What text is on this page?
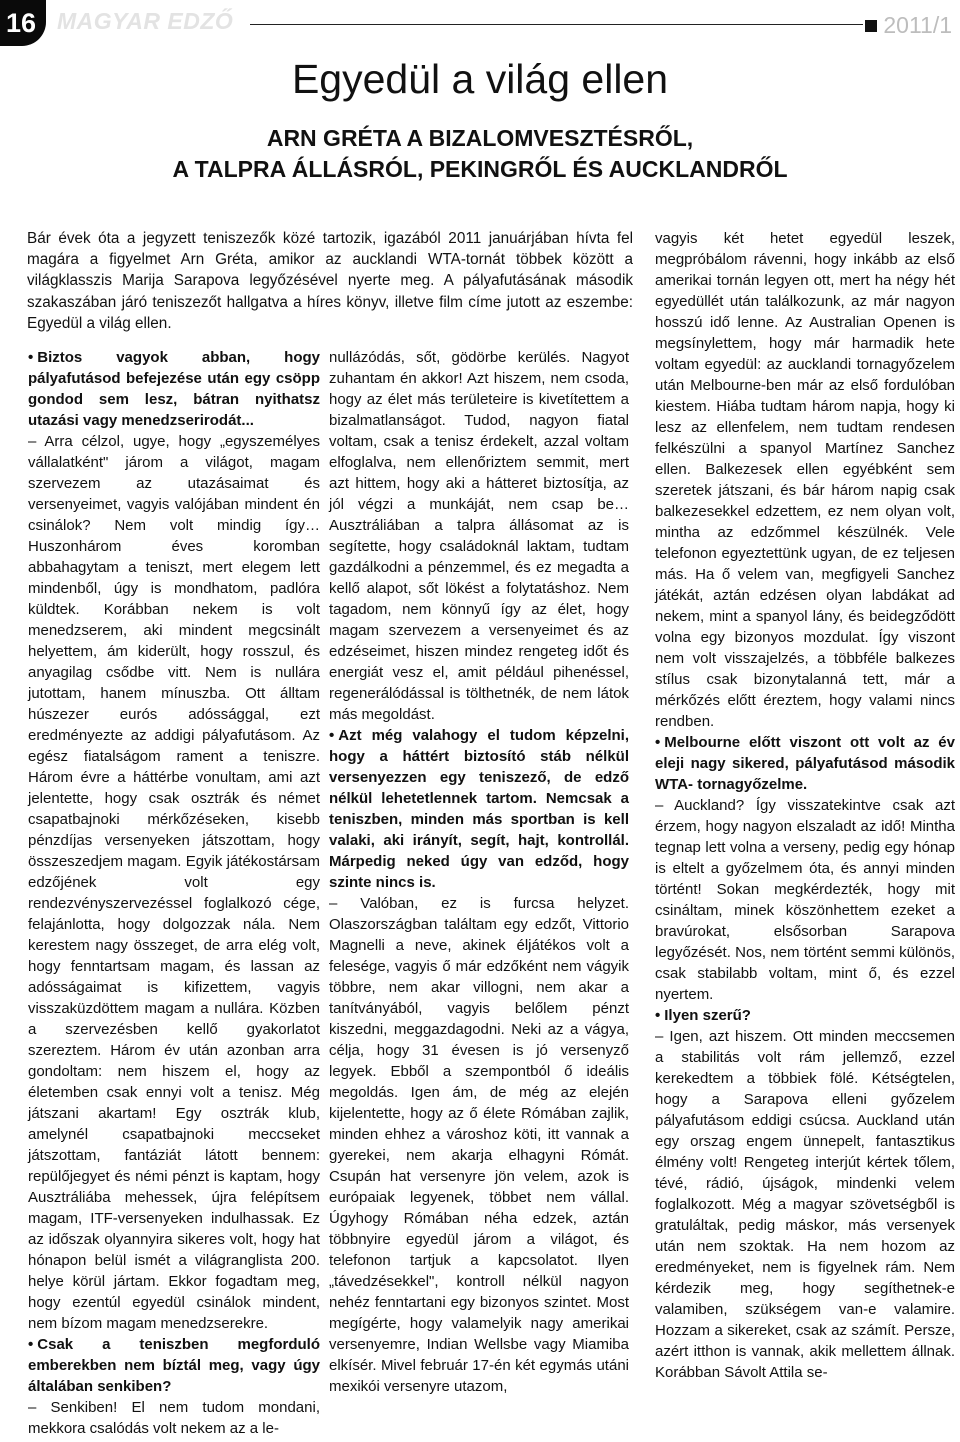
16 MAGYAR EDZŐ	2011/1
Egyedül a világ ellen
ARN GRÉTA A BIZALOMVESZTÉSRŐL,
A TALPRA ÁLLÁSRÓL, PEKINGRŐL ÉS AUCKLANDRŐL

Bár évek óta a jegyzett teniszezők közé tartozik, igazából 2011 januárjában hívta fel magára a figyelmet Arn Gréta, amikor az aucklandi WTA-tornát többek között a világklasszis Marija Sarapova legyőzésével nyerte meg. A pályafutásának második szakaszában járó teniszezőt hallgatva a híres könyv, illetve film címe jutott az eszembe: Egyedül a világ ellen.

• Biztos vagyok abban, hogy pályafutásod befejezése után egy csöpp gondod sem lesz, bátran nyithatsz utazási vagy menedzserirodát...

– Arra célzol, ugye, hogy „egyszemélyes vállalatként" járom a világot, magam szervezem az utazásaimat és versenyeimet, vagyis valójában mindent én csinálok? Nem volt mindig így… Huszonhárom éves koromban abbahagytam a teniszt, mert elegem lett mindenből, úgy is mondhatom, padlóra küldtek. Korábban nekem is volt menedzserem, aki mindent megcsinált helyettem, ám kiderült, hogy rosszul, és anyagilag csődbe vitt. Nem is nullára jutottam, hanem mínuszba. Ott álltam húszezer eurós adóssággal, ezt eredményezte az addigi pályafutásom. Az egész fiatalságom rament a teniszre. Három évre a háttérbe vonultam, ami azt jelentette, hogy csak osztrák és német csapatbajnoki mérkőzéseken, kisebb pénzdíjas versenyeken játszottam, hogy összeszedjem magam. Egyik játékostársam edzőjének volt egy rendezvényszervezéssel foglalkozó cége, felajánlotta, hogy dolgozzak nála. Nem kerestem nagy összeget, de arra elég volt, hogy fenntartsam magam, és lassan az adósságaimat is kifizettem, vagyis visszaküzdöttem magam a nullára. Közben a szervezésben kellő gyakorlatot szereztem. Három év után azonban arra gondoltam: nem hiszem el, hogy az életemben csak ennyi volt a tenisz. Még játszani akartam! Egy osztrák klub, amelynél csapatbajnoki meccseket játszottam, fantáziát látott bennem: repülőjegyet és némi pénzt is kaptam, hogy Ausztráliába mehessek, újra felépítsem magam, ITF-versenyeken indulhassak. Ez az időszak olyannyira sikeres volt, hogy hat hónapon belül ismét a világranglista 200. helye körül jártam. Ekkor fogadtam meg, hogy ezentúl egyedül csinálok mindent, nem bízom magam menedzserekre.

• Csak a teniszben megforduló emberekben nem bíztál meg, vagy úgy általában senkiben?

– Senkiben! El nem tudom mondani, mekkora csalódás volt nekem az a le-

nullázódás, sőt, gödörbe kerülés. Nagyot zuhantam én akkor! Azt hiszem, nem csoda, hogy az élet más területeire is kivetítettem a bizalmatlanságot. Tudod, nagyon fiatal voltam, csak a tenisz érdekelt, azzal voltam elfoglalva, nem ellenőriztem semmit, mert azt hittem, hogy aki a hátteret biztosítja, az jól végzi a munkáját, nem csap be… Ausztráliában a talpra állásomat az is segítette, hogy családoknál laktam, tudtam gazdálkodni a pénzemmel, és ez megadta a kellő alapot, sőt lökést a folytatáshoz. Nem tagadom, nem könnyű így az élet, hogy magam szervezem a versenyeimet és az edzéseimet, hiszen mindez rengeteg időt és energiát vesz el, amit például pihenéssel, regenerálódással is tölthetnék, de nem látok más megoldást.

• Azt még valahogy el tudom képzelni, hogy a háttért biztosító stáb nélkül versenyezzen egy teniszező, de edző nélkül lehetetlennek tartom. Nemcsak a teniszben, minden más sportban is kell valaki, aki irányít, segít, hajt, kontrollál. Márpedig neked úgy van edződ, hogy szinte nincs is.

– Valóban, ez is furcsa helyzet. Olaszországban találtam egy edzőt, Vittorio Magnelli a neve, akinek éljátékos volt a felesége, vagyis ő már edzőként nem vágyik többre, nem akar villogni, nem akar a tanítványából, vagyis belőlem pénzt kiszedni, meggazdagodni. Neki az a vágya, célja, hogy 31 évesen is jó versenyző legyek. Ebből a szempontból ő ideális megoldás. Igen ám, de még az elején kijelentette, hogy az ő élete Rómában zajlik, minden ehhez a városhoz köti, itt vannak a gyerekei, nem akarja elhagyni Rómát. Csupán hat versenyre jön velem, azok is európaiak legyenek, többet nem vállal. Úgyhogy Rómában néha edzek, aztán többnyire egyedül járom a világot, és telefonon tartjuk a kapcsolatot. Ilyen „távedzésekkel", kontroll nélkül nagyon nehéz fenntartani egy bizonyos szintet. Most megígérte, hogy valamelyik nagy amerikai versenyemre, Indian Wellsbe vagy Miamiba elkísér. Mivel február 17-én két egymás utáni mexikói versenyre utazom,

vagyis két hetet egyedül leszek, megpróbálom rávenni, hogy inkább az első amerikai tornán legyen ott, mert ha négy hét egyedüllét után találkozunk, az már nagyon hosszú idő lenne. Az Australian Openen is megsínylettem, hogy már harmadik hete voltam egyedül: az aucklandi tornagyőzelem után Melbourne-ben már az első fordulóban kiestem. Hiába tudtam három napja, hogy ki lesz az ellenfelem, nem tudtam rendesen felkészülni a spanyol Martínez Sanchez ellen. Balkezesek ellen egyébként sem szeretek játszani, és bár három napig csak balkezesekkel edzettem, ez nem olyan volt, mintha az edzőmmel készülnék. Vele telefonon egyeztettünk ugyan, de ez teljesen más. Ha ő velem van, megfigyeli Sanchez játékát, aztán edzésen olyan labdákat ad nekem, mint a spanyol lány, és beidegződött volna egy bizonyos mozdulat. Így viszont nem volt visszajelzés, a többféle balkezes stílus csak bizonytalanná tett, már a mérkőzés előtt éreztem, hogy valami nincs rendben.

• Melbourne előtt viszont ott volt az év eleji nagy sikered, pályafutásod második WTA- tornagyőzelme.

– Auckland? Így visszatekintve csak azt érzem, hogy nagyon elszaladt az idő! Mintha tegnap lett volna a verseny, pedig egy hónap is eltelt a győzelmem óta, és annyi minden történt! Sokan megkérdezték, hogy mit csináltam, minek köszönhettem ezeket a bravúrokat, elsősorban Sarapova legyőzését. Nos, nem történt semmi különös, csak stabilabb voltam, mint ő, és ezzel nyertem.

• Ilyen szerű?

– Igen, azt hiszem. Ott minden meccsemen a stabilitás volt rám jellemző, ezzel kerekedtem a többiek fölé. Kétségtelen, hogy a Sarapova elleni győzelem pályafutásom eddigi csúcsa. Auckland után egy orszag engem ünnepelt, fantasztikus élmény volt! Rengeteg interjút kértek tőlem, tévé, rádió, újságok, mindenki velem foglalkozott. Még a magyar szövetségből is gratuláltak, pedig máskor, más versenyek után nem szoktak. Ha nem hozom az eredményeket, nem is figyelnek rám. Nem kérdezik meg, hogy segíthetnek-e valamiben, szükségem van-e valamire. Hozzam a sikereket, csak az számít. Persze, azért itthon is vannak, akik mellettem állnak. Korábban Sávolt Attila se-
